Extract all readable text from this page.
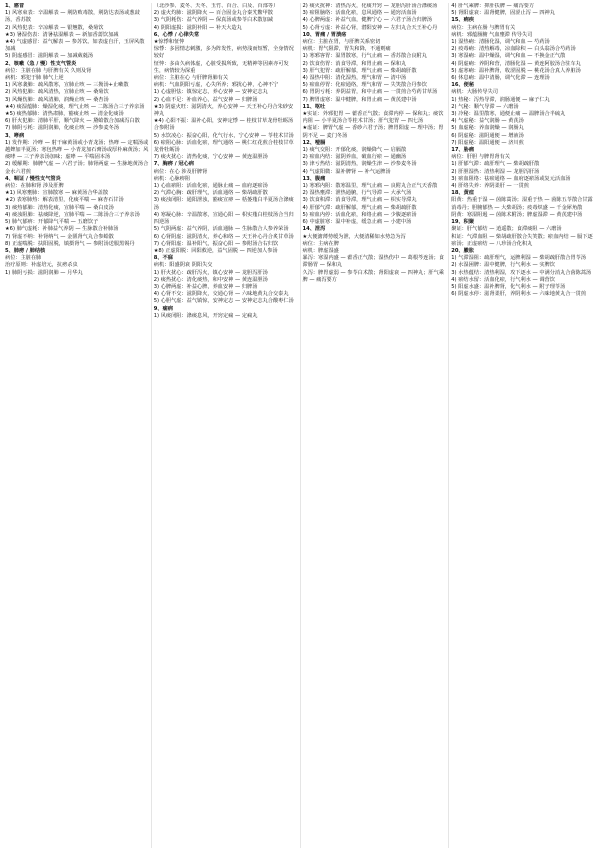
1、感冒

1) 风寒束表：辛温解表 — 荆防败毒散，荆防达表汤或葱豉汤，香苏散

2) 风热犯表：辛凉解表 — 银翘散，桑菊饮

★3) 暑湿伤表：清暑祛湿解表 — 新加香薷饮加减

★4) 气虚感冒：益气解表 — 参苏饮。如表虚自汗，玉屏风散加减

5) 阴虚感冒：滋阴解表 — 加减葳蕤汤

2、咳嗽（急 / 慢）性支气管炎

病位：主脏在肺 与肝脾有关 久则及肾

病机：邪犯于肺 肺气上逆

1) 风寒袭肺：疏风散寒，宣肺止咳 — 三拗汤+止嗽散

2) 风热犯肺：疏风清热，宣肺止咳 — 桑菊饮

3) 风燥伤肺：疏风清肺，润燥止咳 — 桑杏汤

★4) 痰湿蕴肺：燥湿化痰，理气止咳 — 二陈汤合三子养亲汤

★5) 痰热郁肺：清热肃肺，豁痰止咳 — 清金化痰汤

6) 肝火犯肺：清肺平肝，顺气降火 — 黛蛤散合加减泻白散

7) 肺阴亏耗：滋阴润肺，化痰止咳 — 沙参麦冬汤

3、哮病

1) 发作期：冷哮 — 射干麻黄汤或小青龙汤；热哮 — 定喘汤或越婢加半夏汤；寒包热哮 — 小青龙加石膏汤或厚朴麻黄汤；风痰哮 — 三子养亲汤加味；虚哮 — 平喘固本汤

2) 缓解期：肺脾气虚 — 六君子汤；肺肾两虚 — 生脉地黄汤合金水六君煎

4、喘证 / 慢性支气管炎

病位：在肺和肾 涉及肝脾

★1) 风寒壅肺：宣肺散寒 — 麻黄汤合华盖散

★2) 表寒肺热：解表清里，化痰平喘 — 麻杏石甘汤

3) 痰热郁肺：清热化痰，宣肺平喘 — 桑白皮汤

4) 痰浊阻肺：祛痰降逆，宣肺平喘 — 二陈汤合三子养亲汤

5) 肺气郁痹：开郁降气平喘 — 五磨饮子

★6) 肺气虚耗：补肺益气养阴 — 生脉散合补肺汤

7) 肾虚不纳：补肾纳气 — 金匮肾气丸合参蛤散

8) 正虚喘脱：扶阳固脱，镇摄肾气 — 参附汤送服黑锡丹

5、肺痨 / 肺结核

病位：主脏在肺

治疗原则：补虚培元，抗痨杀虫

1) 肺阴亏损：滋阴润肺 — 月华丸

（北沙参、麦冬、天冬、玉竹、百合、白及、百部等）

2) 虚火灼肺：滋阴降火 — 百合固金丸合秦艽鳖甲散

3) 气阴耗伤：益气养阴 — 保真汤或参苓白术散加减

4) 阴阳虚损：滋阴补阳 — 补天大造丸

6、心悸 / 心律失常

★惊悸和怔忡

惊悸：多因情志刺激，多为阵发性，病势浅而短暂，全身情况较好

怔忡：多由久病体虚，心脏受损所致，无精神等因素亦可发生，病情较为深重

病位：主脏在心 与肝脾肾肺有关

病机：气血阴阳亏虚，心失所养；邪扰心神，心神不宁

1) 心虚胆怯：镇惊定志，养心安神 — 安神定志丸

2) 心血不足：补血养心，益气安神 — 归脾汤

★3) 阴虚火旺：滋阴清火，养心安神 — 天王补心丹合朱砂安神丸

★4) 心阳不振：温补心阳，安神定悸 — 桂枝甘草龙骨牡蛎汤合参附汤

5) 水饮凌心：振奋心阳，化气行水，宁心安神 — 苓桂术甘汤

6) 瘀阻心脉：活血化瘀，理气通络 — 桃仁红花煎合桂枝甘草龙骨牡蛎汤

7) 痰火扰心：清热化痰，宁心安神 — 黄连温胆汤

7、胸痹 / 冠心病

病位：在心 涉及肝脾肾

病机：心脉痹阻

1) 心血瘀阻：活血化瘀，通脉止痛 — 血府逐瘀汤

2) 气滞心胸：疏肝理气，活血通络 — 柴胡疏肝散

3) 痰浊闭阻：通阳泄浊，豁痰宣痹 — 栝蒌薤白半夏汤合涤痰汤

4) 寒凝心脉：辛温散寒，宣通心阳 — 枳实薤白桂枝汤合当归四逆汤

5) 气阴两虚：益气养阴，活血通脉 — 生脉散合人参养荣汤

6) 心肾阴虚：滋阴清火，养心和络 — 天王补心丹合炙甘草汤

7) 心肾阳虚：温补阳气，振奋心阳 — 参附汤合右归饮

★8) 正虚阳脱：回阳救逆，益气固脱 — 四逆加人参汤

8、不寐

病机：阳盛阴衰 阴阳失交

1) 肝火扰心：疏肝泻火，镇心安神 — 龙胆泻肝汤

2) 痰热扰心：清化痰热，和中安神 — 黄连温胆汤

3) 心脾两虚：补益心脾，养血安神 — 归脾汤

4) 心肾不交：滋阴降火，交通心肾 — 六味地黄丸合交泰丸

5) 心胆气虚：益气镇惊，安神定志 — 安神定志丸合酸枣仁汤

9、痫病

1) 风痰闭阻：涤痰息风，开窍定痫 — 定痫丸

2) 痰火扰神：清热泻火，化痰开窍 — 龙胆泻肝汤合涤痰汤

3) 瘀阻脑络：活血化瘀，息风通络 — 通窍活血汤

4) 心脾两虚：补益气血，健脾宁心 — 六君子汤合归脾汤

5) 心肾亏虚：补益心肾，潜阳安神 — 左归丸合天王补心丹

10、胃痛 / 胃溃疡

病位：主脏在胃，与肝脾关系密切

病机：胃气阻滞，胃失和降，不通则痛

1) 寒邪客胃：温胃散寒，行气止痛 — 香苏散合良附丸

2) 饮食伤胃：消食导滞，和胃止痛 — 保和丸

3) 肝气犯胃：疏肝解郁，理气止痛 — 柴胡疏肝散

4) 湿热中阻：清化湿热，理气和胃 — 清中汤

5) 瘀血停胃：化瘀通络，理气和胃 — 失笑散合丹参饮

6) 胃阴亏耗：养阴益胃，和中止痛 — 一贯煎合芍药甘草汤

7) 脾胃虚寒：温中健脾，和胃止痛 — 黄芪建中汤

11、呕吐

★实证：外邪犯胃 — 藿香正气散；食滞内停 — 保和丸；痰饮内阻 — 小半夏汤合苓桂术甘汤；肝气犯胃 — 四七汤

★虚证：脾胃气虚 — 香砂六君子汤；脾胃阳虚 — 理中汤；胃阴不足 — 麦门冬汤

12、噎膈

1) 痰气交阻：开郁化痰，润燥降气 — 启膈散

2) 瘀血内结：滋阴养血，破血行瘀 — 通幽汤

3) 津亏热结：滋阴清热，润燥生津 — 沙参麦冬汤

4) 气虚阳微：温补脾肾 — 补气运脾汤

13、腹痛

1) 寒邪内阻：散寒温里，理气止痛 — 良附丸合正气天香散

2) 湿热壅滞：泄热通腑，行气导滞 — 大承气汤

3) 饮食积滞：消食导滞，理气止痛 — 枳实导滞丸

4) 肝郁气滞：疏肝解郁，理气止痛 — 柴胡疏肝散

5) 瘀血内停：活血化瘀，和络止痛 — 少腹逐瘀汤

6) 中虚脏寒：温中补虚，缓急止痛 — 小建中汤

14、泄泻

★大便溏薄势缓为泄，大便清稀如水势急为泻

病位：主病在脾

病机：脾虚湿盛

暴泻：寒湿内盛 — 藿香正气散；湿热伤中 — 葛根芩连汤；食滞肠胃 — 保和丸

久泻：脾胃虚弱 — 参苓白术散；肾阳虚衰 — 四神丸；肝气乘脾 — 痛泻要方

4) 肝气乘脾：抑肝扶脾 — 痛泻要方

5) 肾阳虚衰：温肾健脾，固涩止泻 — 四神丸

15、痢疾

病位：主病在肠 与脾胃有关

病机：邪蕴肠腑 气血壅滞 传导失司

1) 湿热痢：清肠化湿，调气和血 — 芍药汤

2) 疫毒痢：清热解毒，凉血除积 — 白头翁汤合芍药汤

3) 寒湿痢：温中燥湿，调气和血 — 不换金正气散

4) 阴虚痢：养阴和营，清肠化湿 — 黄连阿胶汤合驻车丸

5) 虚寒痢：温补脾肾，收涩固脱 — 桃花汤合真人养脏汤

6) 休息痢：温中清肠，调气化滞 — 连理汤

16、便秘

病机：大肠传导失司

1) 热秘：泻热导滞，润肠通便 — 麻子仁丸

2) 气秘：顺气导滞 — 六磨汤

3) 冷秘：温里散寒，通便止痛 — 温脾汤合半硫丸

4) 气虚秘：益气润肠 — 黄芪汤

5) 血虚秘：养血润燥 — 润肠丸

6) 阴虚秘：滋阴通便 — 增液汤

7) 阳虚秘：温阳通便 — 济川煎

17、胁痛

病位：肝胆 与脾胃肾有关

1) 肝郁气滞：疏肝理气 — 柴胡疏肝散

2) 肝胆湿热：清热利湿 — 龙胆泻肝汤

3) 瘀血阻络：祛瘀通络 — 血府逐瘀汤或复元活血汤

4) 肝络失养：养阴柔肝 — 一贯煎

18、黄疸

阳黄：热重于湿 — 茵陈蒿汤；湿重于热 — 茵陈五苓散合甘露消毒丹；胆腑郁热 — 大柴胡汤；疫毒炽盛 — 千金犀角散

阴黄：寒湿阻遏 — 茵陈术附汤；脾虚湿滞 — 黄芪建中汤

19、积聚

聚证：肝气郁结 — 逍遥散；食滞痰阻 — 六磨汤

积证：气滞血阻 — 柴胡疏肝散合失笑散；瘀血内结 — 膈下逐瘀汤；正虚瘀结 — 八珍汤合化积丸

20、臌胀

1) 气滞湿阻：疏肝理气，运脾利湿 — 柴胡疏肝散合胃苓汤

2) 水湿困脾：温中健脾，行气利水 — 实脾饮

3) 水热蕴结：清热利湿，攻下逐水 — 中满分消丸合茵陈蒿汤

4) 瘀结水留：活血化瘀，行气利水 — 调营饮

5) 阳虚水盛：温补脾肾，化气利水 — 附子理苓汤

6) 阴虚水停：滋肾柔肝，养阴利水 — 六味地黄丸合一贯煎
